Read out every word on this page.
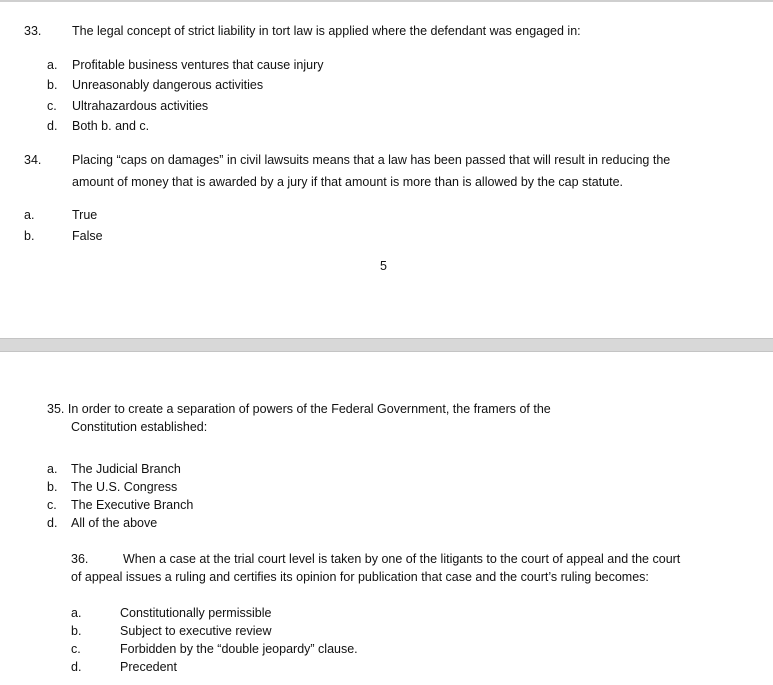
33. The legal concept of strict liability in tort law is applied where the defendant was engaged in:
a. Profitable business ventures that cause injury
b. Unreasonably dangerous activities
c. Ultrahazardous activities
d. Both b. and c.
34. Placing “caps on damages” in civil lawsuits means that a law has been passed that will result in reducing the
amount of money that is awarded by a jury if that amount is more than is allowed by the cap statute.
a.	True
b.	False
5
35. In order to create a separation of powers of the Federal Government, the framers of the
Constitution established:
a. The Judicial Branch
b. The U.S. Congress
c. The Executive Branch
d. All of the above
36.	When a case at the trial court level is taken by one of the litigants to the court of appeal and the court
of appeal issues a ruling and certifies its opinion for publication that case and the court’s ruling becomes:
a.	Constitutionally permissible
b.	Subject to executive review
c.	Forbidden by the “double jeopardy” clause.
d.	Precedent
